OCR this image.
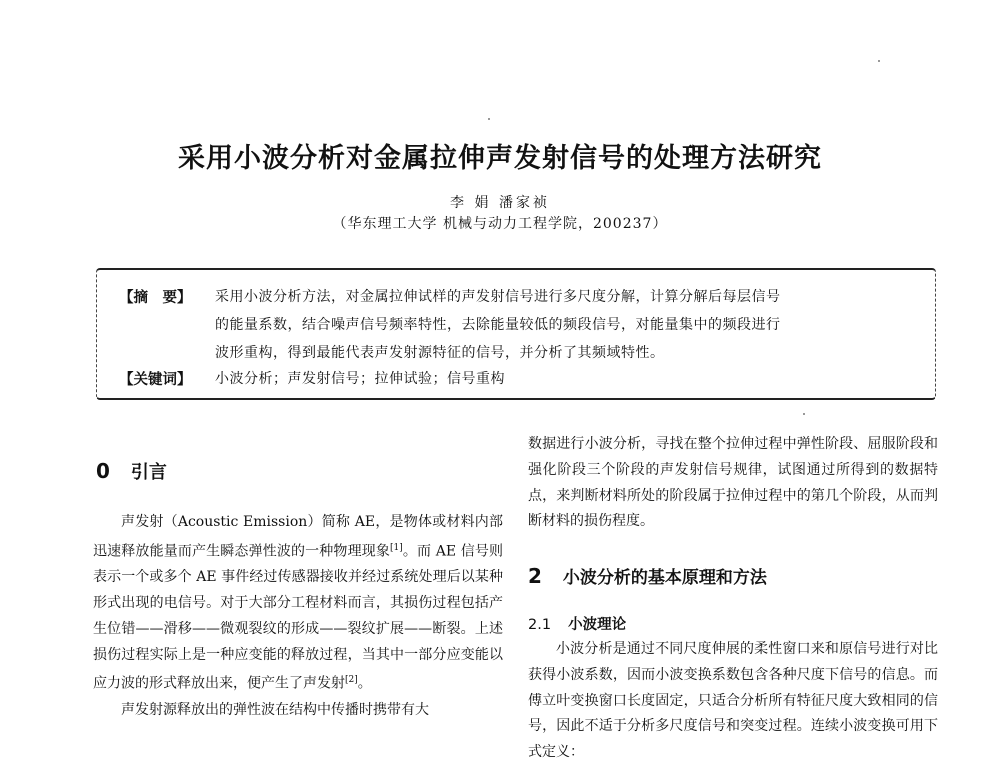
采用小波分析对金属拉伸声发射信号的处理方法研究
李 娟 潘家祯
（华东理工大学 机械与动力工程学院，200237）
【摘　要】 采用小波分析方法，对金属拉伸试样的声发射信号进行多尺度分解，计算分解后每层信号
的能量系数，结合噪声信号频率特性，去除能量较低的频段信号，对能量集中的频段进行
波形重构，得到最能代表声发射源特征的信号，并分析了其频域特性。
【关键词】 小波分析；声发射信号；拉伸试验；信号重构
0 引言

声发射（Acoustic Emission）简称 AE，是物体或材料内部迅速释放能量而产生瞬态弹性波的一种物理现象[1]。而 AE 信号则表示一个或多个 AE 事件经过传感器接收并经过系统处理后以某种形式出现的电信号。对于大部分工程材料而言，其损伤过程包括产生位错——滑移——微观裂纹的形成——裂纹扩展——断裂。上述损伤过程实际上是一种应变能的释放过程，当其中一部分应变能以应力波的形式释放出来，便产生了声发射[2]。

声发射源释放出的弹性波在结构中传播时携带有大

数据进行小波分析，寻找在整个拉伸过程中弹性阶段、屈服阶段和强化阶段三个阶段的声发射信号规律，试图通过所得到的数据特点，来判断材料所处的阶段属于拉伸过程中的第几个阶段，从而判断材料的损伤程度。

2 小波分析的基本原理和方法
2.1 小波理论

小波分析是通过不同尺度伸展的柔性窗口来和原信号进行对比获得小波系数，因而小波变换系数包含各种尺度下信号的信息。而傅立叶变换窗口长度固定，只适合分析所有特征尺度大致相同的信号，因此不适于分析多尺度信号和突变过程。连续小波变换可用下式定义：
